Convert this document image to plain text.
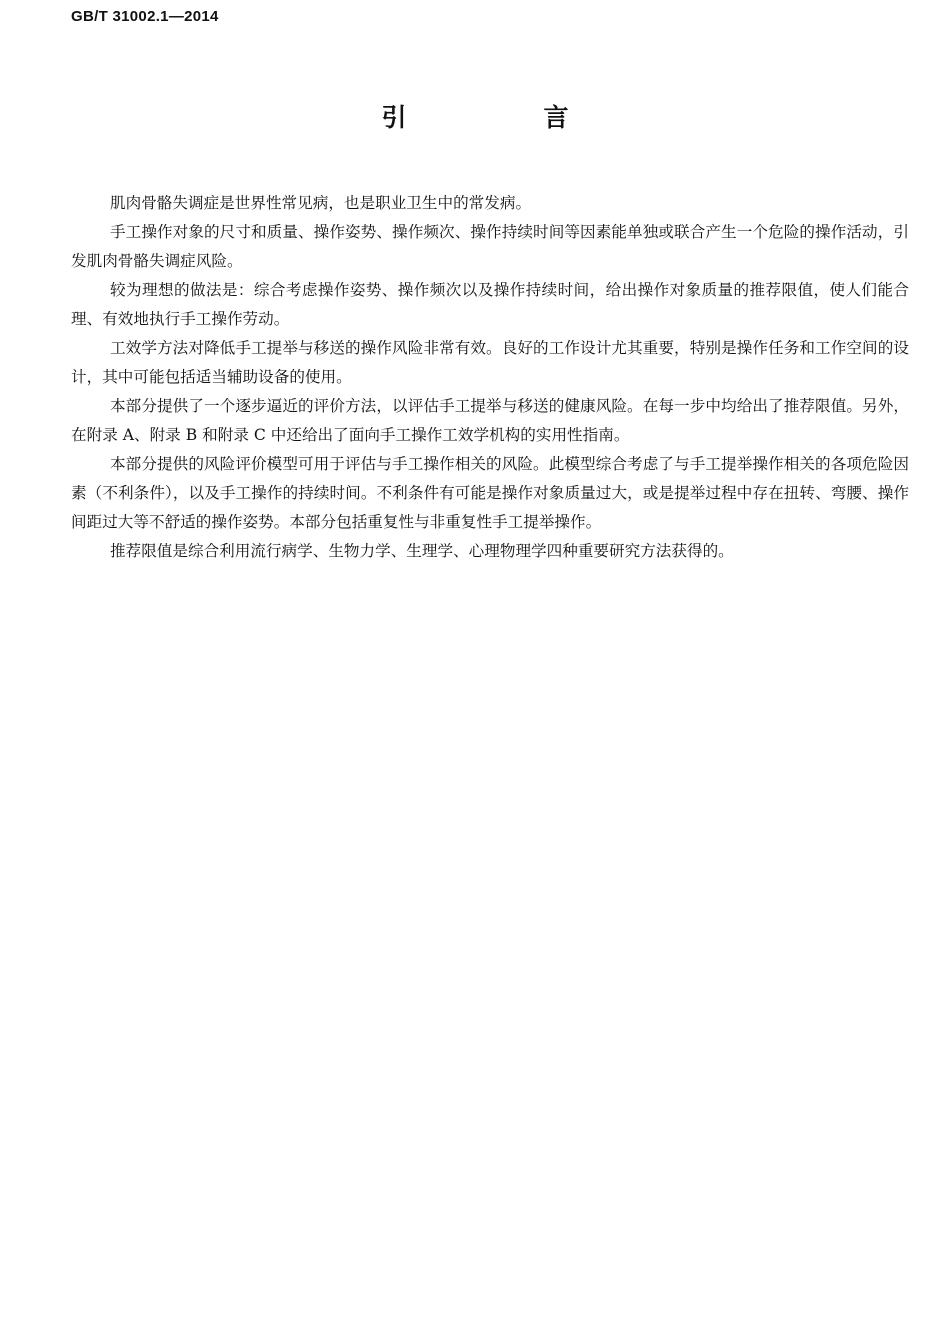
GB/T 31002.1—2014
引　言

肌肉骨骼失调症是世界性常见病，也是职业卫生中的常发病。

手工操作对象的尺寸和质量、操作姿势、操作频次、操作持续时间等因素能单独或联合产生一个危险的操作活动，引发肌肉骨骼失调症风险。

较为理想的做法是：综合考虑操作姿势、操作频次以及操作持续时间，给出操作对象质量的推荐限值，使人们能合理、有效地执行手工操作劳动。

工效学方法对降低手工提举与移送的操作风险非常有效。良好的工作设计尤其重要，特别是操作任务和工作空间的设计，其中可能包括适当辅助设备的使用。

本部分提供了一个逐步逼近的评价方法，以评估手工提举与移送的健康风险。在每一步中均给出了推荐限值。另外，在附录 A、附录 B 和附录 C 中还给出了面向手工操作工效学机构的实用性指南。

本部分提供的风险评价模型可用于评估与手工操作相关的风险。此模型综合考虑了与手工提举操作相关的各项危险因素（不利条件），以及手工操作的持续时间。不利条件有可能是操作对象质量过大，或是提举过程中存在扭转、弯腰、操作间距过大等不舒适的操作姿势。本部分包括重复性与非重复性手工提举操作。

推荐限值是综合利用流行病学、生物力学、生理学、心理物理学四种重要研究方法获得的。
